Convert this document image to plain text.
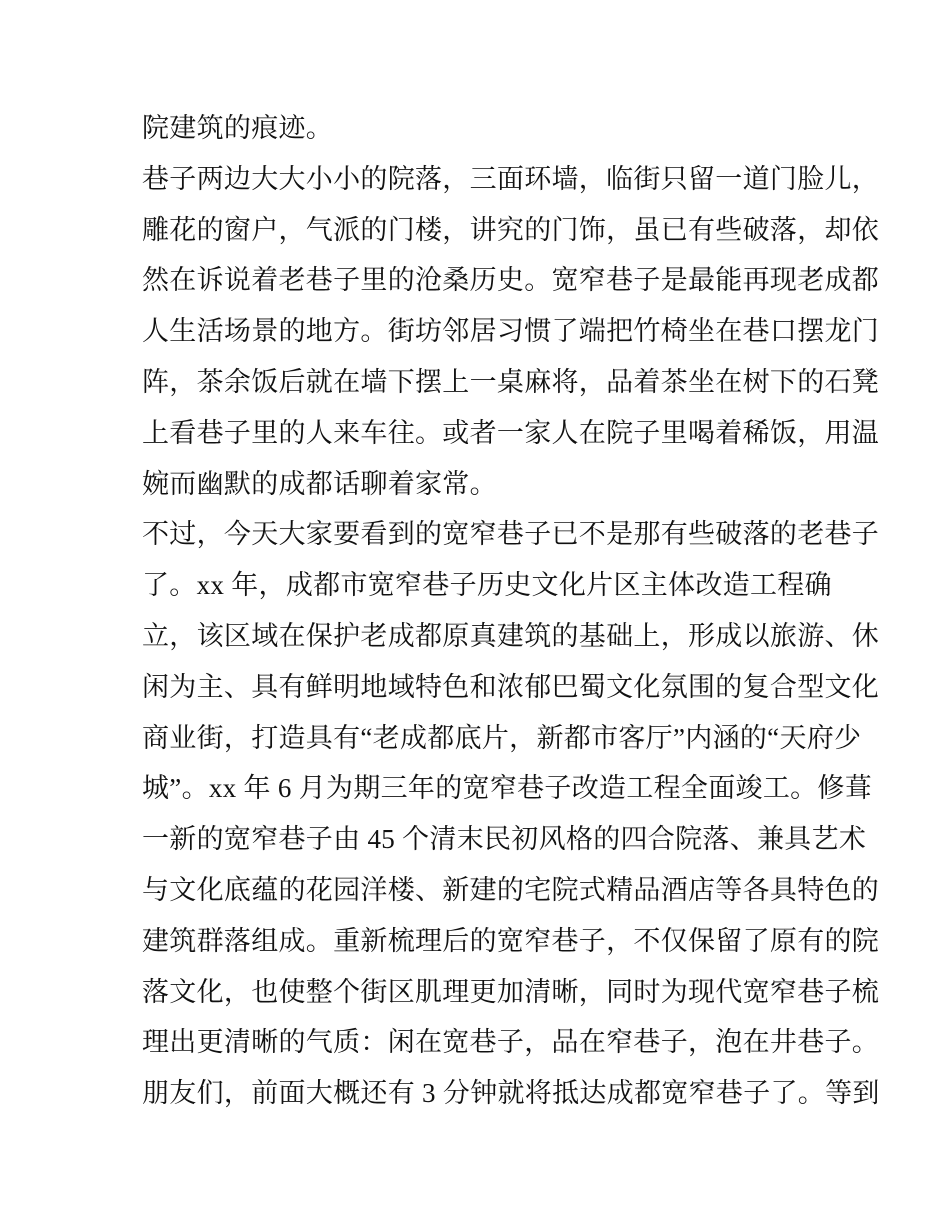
院建筑的痕迹。
巷子两边大大小小的院落，三面环墙，临街只留一道门脸儿，
雕花的窗户，气派的门楼，讲究的门饰，虽已有些破落，却依
然在诉说着老巷子里的沧桑历史。宽窄巷子是最能再现老成都
人生活场景的地方。街坊邻居习惯了端把竹椅坐在巷口摆龙门
阵，茶余饭后就在墙下摆上一桌麻将，品着茶坐在树下的石凳
上看巷子里的人来车往。或者一家人在院子里喝着稀饭，用温
婉而幽默的成都话聊着家常。
不过，今天大家要看到的宽窄巷子已不是那有些破落的老巷子
了。xx 年，成都市宽窄巷子历史文化片区主体改造工程确
立，该区域在保护老成都原真建筑的基础上，形成以旅游、休
闲为主、具有鲜明地域特色和浓郁巴蜀文化氛围的复合型文化
商业街，打造具有“老成都底片，新都市客厅”内涵的“天府少
城”。xx 年 6 月为期三年的宽窄巷子改造工程全面竣工。修葺
一新的宽窄巷子由 45 个清末民初风格的四合院落、兼具艺术
与文化底蕴的花园洋楼、新建的宅院式精品酒店等各具特色的
建筑群落组成。重新梳理后的宽窄巷子，不仅保留了原有的院
落文化，也使整个街区肌理更加清晰，同时为现代宽窄巷子梳
理出更清晰的气质：闲在宽巷子，品在窄巷子，泡在井巷子。
朋友们，前面大概还有 3 分钟就将抵达成都宽窄巷子了。等到
